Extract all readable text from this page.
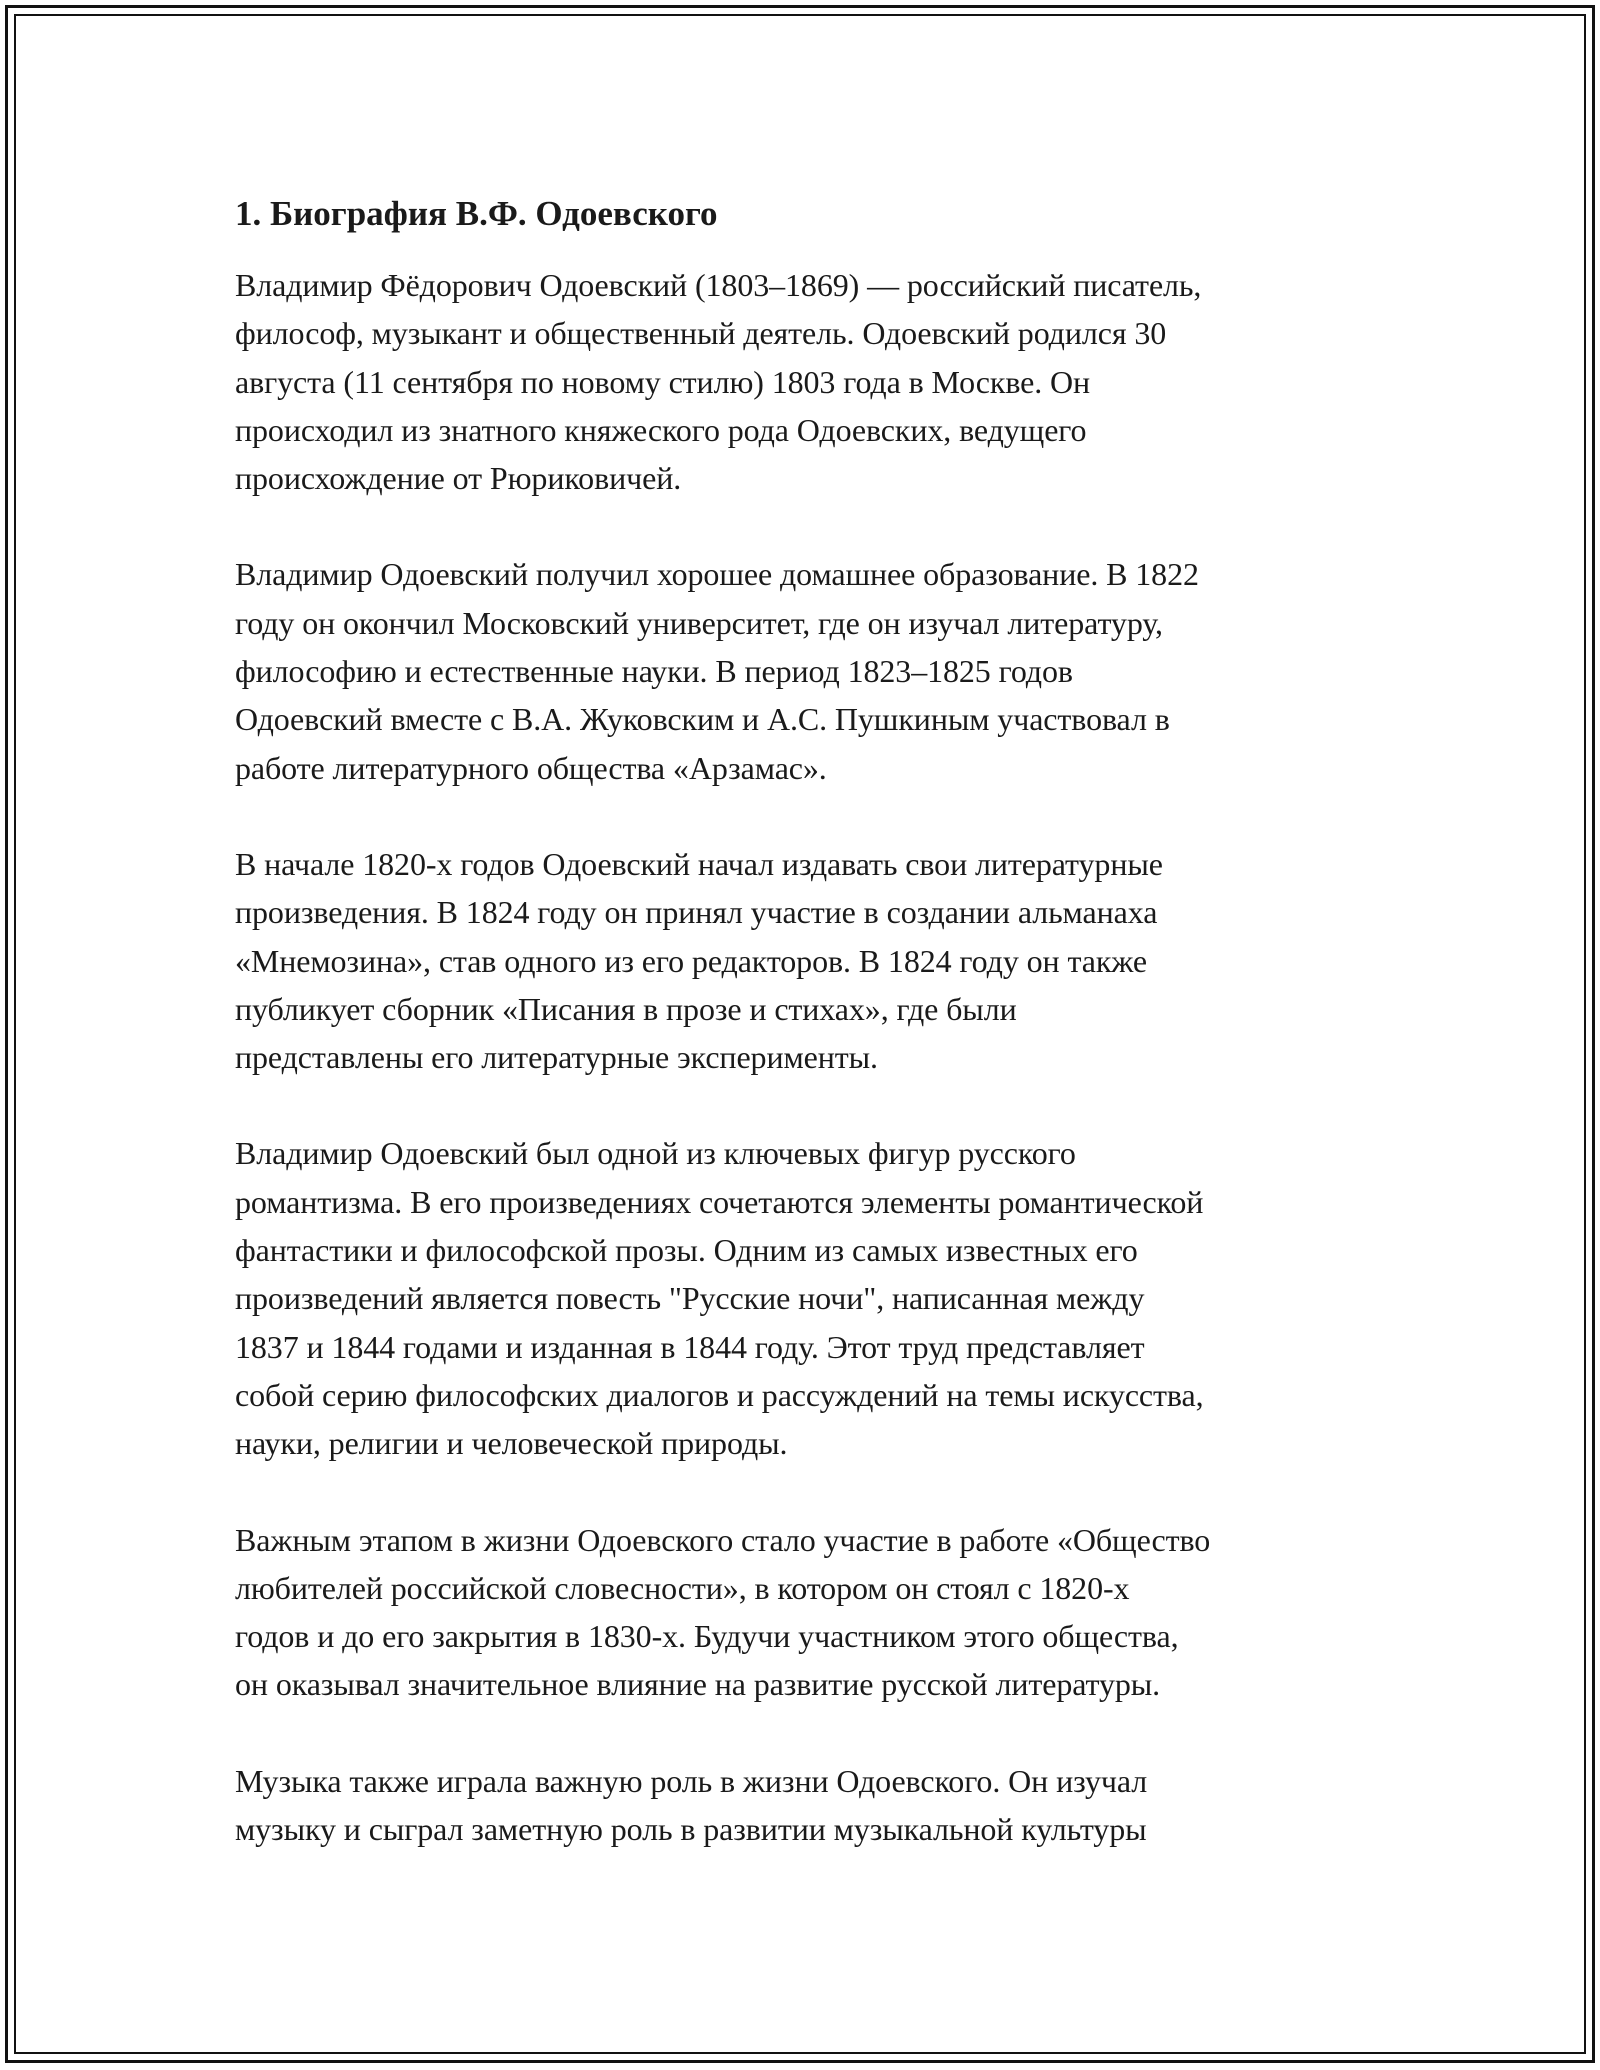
1. Биография В.Ф. Одоевского

Владимир Фёдорович Одоевский (1803–1869) — российский писатель,
философ, музыкант и общественный деятель. Одоевский родился 30
августа (11 сентября по новому стилю) 1803 года в Москве. Он
происходил из знатного княжеского рода Одоевских, ведущего
происхождение от Рюриковичей.

Владимир Одоевский получил хорошее домашнее образование. В 1822
году он окончил Московский университет, где он изучал литературу,
философию и естественные науки. В период 1823–1825 годов
Одоевский вместе с В.А. Жуковским и А.С. Пушкиным участвовал в
работе литературного общества «Арзамас».

В начале 1820-х годов Одоевский начал издавать свои литературные
произведения. В 1824 году он принял участие в создании альманаха
«Мнемозина», став одного из его редакторов. В 1824 году он также
публикует сборник «Писания в прозе и стихах», где были
представлены его литературные эксперименты.

Владимир Одоевский был одной из ключевых фигур русского
романтизма. В его произведениях сочетаются элементы романтической
фантастики и философской прозы. Одним из самых известных его
произведений является повесть "Русские ночи", написанная между
1837 и 1844 годами и изданная в 1844 году. Этот труд представляет
собой серию философских диалогов и рассуждений на темы искусства,
науки, религии и человеческой природы.

Важным этапом в жизни Одоевского стало участие в работе «Общество
любителей российской словесности», в котором он стоял с 1820-х
годов и до его закрытия в 1830-х. Будучи участником этого общества,
он оказывал значительное влияние на развитие русской литературы.

Музыка также играла важную роль в жизни Одоевского. Он изучал
музыку и сыграл заметную роль в развитии музыкальной культуры
